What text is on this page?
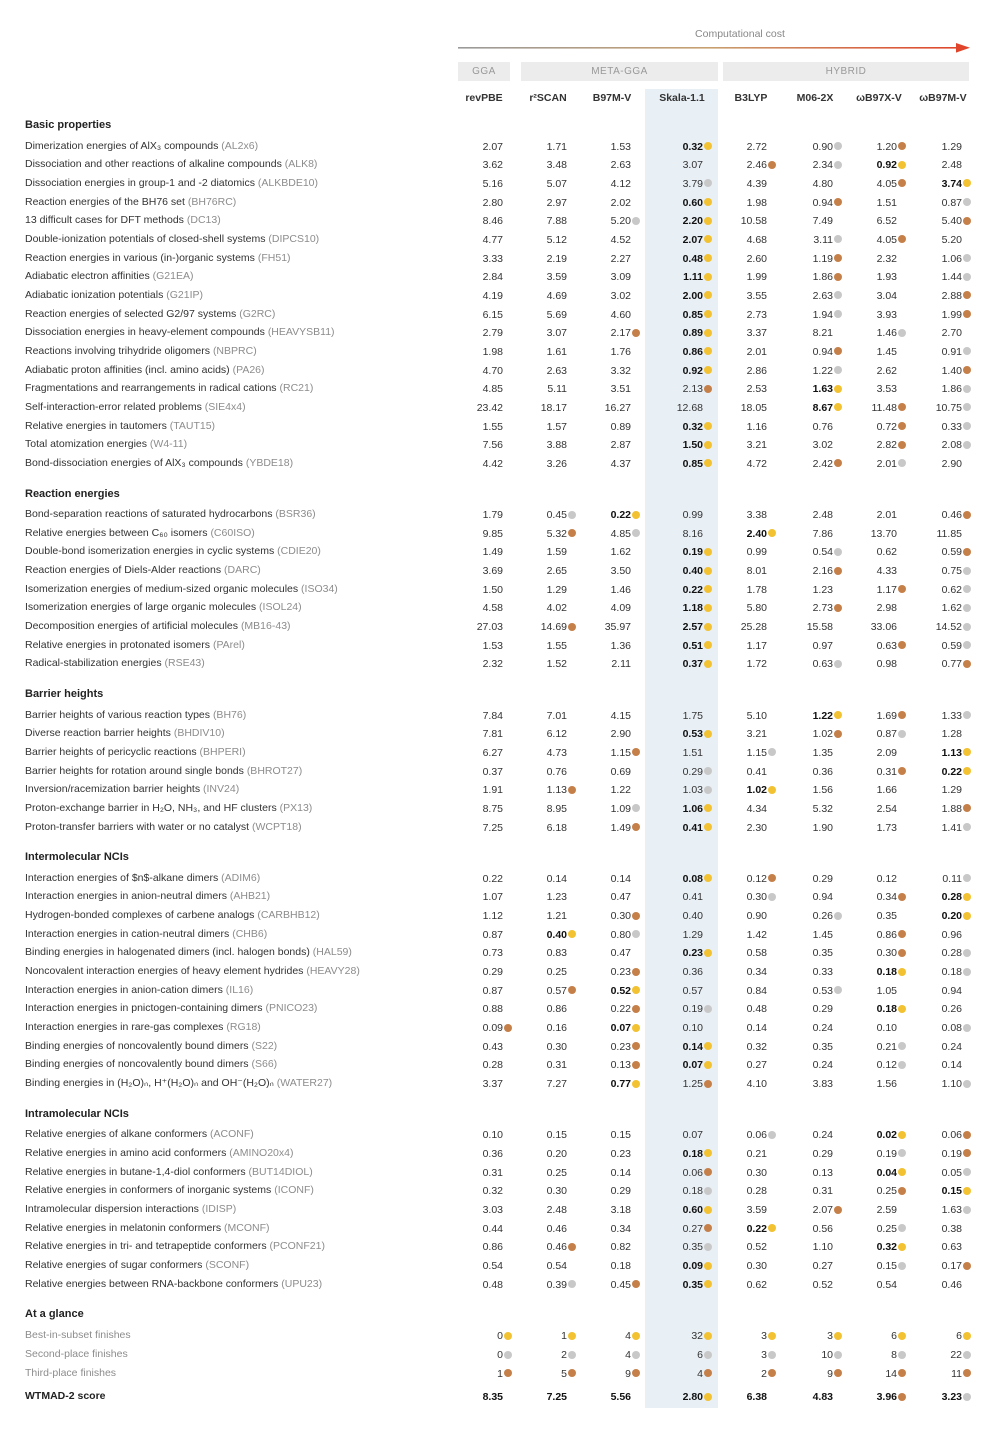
Computational cost
GGA	META-GGA	HYBRID
revPBE	r²SCAN	B97M-V	Skala-1.1	B3LYP	M06-2X	ωB97X-V	ωB97M-V
Basic properties
Dimerization energies of AlX₃ compounds (AL2x6)	2.07	1.71	1.53	0.32	2.72	0.90	1.20	1.29
Dissociation and other reactions of alkaline compounds (ALK8)	3.62	3.48	2.63	3.07	2.46	2.34	0.92	2.48
Dissociation energies in group-1 and -2 diatomics (ALKBDE10)	5.16	5.07	4.12	3.79	4.39	4.80	4.05	3.74
Reaction energies of the BH76 set (BH76RC)	2.80	2.97	2.02	0.60	1.98	0.94	1.51	0.87
13 difficult cases for DFT methods (DC13)	8.46	7.88	5.20	2.20	10.58	7.49	6.52	5.40
Double-ionization potentials of closed-shell systems (DIPCS10)	4.77	5.12	4.52	2.07	4.68	3.11	4.05	5.20
Reaction energies in various (in-)organic systems (FH51)	3.33	2.19	2.27	0.48	2.60	1.19	2.32	1.06
Adiabatic electron affinities (G21EA)	2.84	3.59	3.09	1.11	1.99	1.86	1.93	1.44
Adiabatic ionization potentials (G21IP)	4.19	4.69	3.02	2.00	3.55	2.63	3.04	2.88
Reaction energies of selected G2/97 systems (G2RC)	6.15	5.69	4.60	0.85	2.73	1.94	3.93	1.99
Dissociation energies in heavy-element compounds (HEAVYSB11)	2.79	3.07	2.17	0.89	3.37	8.21	1.46	2.70
Reactions involving trihydride oligomers (NBPRC)	1.98	1.61	1.76	0.86	2.01	0.94	1.45	0.91
Adiabatic proton affinities (incl. amino acids) (PA26)	4.70	2.63	3.32	0.92	2.86	1.22	2.62	1.40
Fragmentations and rearrangements in radical cations (RC21)	4.85	5.11	3.51	2.13	2.53	1.63	3.53	1.86
Self-interaction-error related problems (SIE4x4)	23.42	18.17	16.27	12.68	18.05	8.67	11.48	10.75
Relative energies in tautomers (TAUT15)	1.55	1.57	0.89	0.32	1.16	0.76	0.72	0.33
Total atomization energies (W4-11)	7.56	3.88	2.87	1.50	3.21	3.02	2.82	2.08
Bond-dissociation energies of AlX₃ compounds (YBDE18)	4.42	3.26	4.37	0.85	4.72	2.42	2.01	2.90
Reaction energies
Bond-separation reactions of saturated hydrocarbons (BSR36)	1.79	0.45	0.22	0.99	3.38	2.48	2.01	0.46
Relative energies between C₆₀ isomers (C60ISO)	9.85	5.32	4.85	8.16	2.40	7.86	13.70	11.85
Double-bond isomerization energies in cyclic systems (CDIE20)	1.49	1.59	1.62	0.19	0.99	0.54	0.62	0.59
Reaction energies of Diels-Alder reactions (DARC)	3.69	2.65	3.50	0.40	8.01	2.16	4.33	0.75
Isomerization energies of medium-sized organic molecules (ISO34)	1.50	1.29	1.46	0.22	1.78	1.23	1.17	0.62
Isomerization energies of large organic molecules (ISOL24)	4.58	4.02	4.09	1.18	5.80	2.73	2.98	1.62
Decomposition energies of artificial molecules (MB16-43)	27.03	14.69	35.97	2.57	25.28	15.58	33.06	14.52
Relative energies in protonated isomers (PArel)	1.53	1.55	1.36	0.51	1.17	0.97	0.63	0.59
Radical-stabilization energies (RSE43)	2.32	1.52	2.11	0.37	1.72	0.63	0.98	0.77
Barrier heights
Barrier heights of various reaction types (BH76)	7.84	7.01	4.15	1.75	5.10	1.22	1.69	1.33
Diverse reaction barrier heights (BHDIV10)	7.81	6.12	2.90	0.53	3.21	1.02	0.87	1.28
Barrier heights of pericyclic reactions (BHPERI)	6.27	4.73	1.15	1.51	1.15	1.35	2.09	1.13
Barrier heights for rotation around single bonds (BHROT27)	0.37	0.76	0.69	0.29	0.41	0.36	0.31	0.22
Inversion/racemization barrier heights (INV24)	1.91	1.13	1.22	1.03	1.02	1.56	1.66	1.29
Proton-exchange barrier in H₂O, NH₃, and HF clusters (PX13)	8.75	8.95	1.09	1.06	4.34	5.32	2.54	1.88
Proton-transfer barriers with water or no catalyst (WCPT18)	7.25	6.18	1.49	0.41	2.30	1.90	1.73	1.41
Intermolecular NCIs
Interaction energies of $n$-alkane dimers (ADIM6)	0.22	0.14	0.14	0.08	0.12	0.29	0.12	0.11
Interaction energies in anion-neutral dimers (AHB21)	1.07	1.23	0.47	0.41	0.30	0.94	0.34	0.28
Hydrogen-bonded complexes of carbene analogs (CARBHB12)	1.12	1.21	0.30	0.40	0.90	0.26	0.35	0.20
Interaction energies in cation-neutral dimers (CHB6)	0.87	0.40	0.80	1.29	1.42	1.45	0.86	0.96
Binding energies in halogenated dimers (incl. halogen bonds) (HAL59)	0.73	0.83	0.47	0.23	0.58	0.35	0.30	0.28
Noncovalent interaction energies of heavy element hydrides (HEAVY28)	0.29	0.25	0.23	0.36	0.34	0.33	0.18	0.18
Interaction energies in anion-cation dimers (IL16)	0.87	0.57	0.52	0.57	0.84	0.53	1.05	0.94
Interaction energies in pnictogen-containing dimers (PNICO23)	0.88	0.86	0.22	0.19	0.48	0.29	0.18	0.26
Interaction energies in rare-gas complexes (RG18)	0.09	0.16	0.07	0.10	0.14	0.24	0.10	0.08
Binding energies of noncovalently bound dimers (S22)	0.43	0.30	0.23	0.14	0.32	0.35	0.21	0.24
Binding energies of noncovalently bound dimers (S66)	0.28	0.31	0.13	0.07	0.27	0.24	0.12	0.14
Binding energies in (H₂O)ₙ, H⁺(H₂O)ₙ and OH⁻(H₂O)ₙ (WATER27)	3.37	7.27	0.77	1.25	4.10	3.83	1.56	1.10
Intramolecular NCIs
Relative energies of alkane conformers (ACONF)	0.10	0.15	0.15	0.07	0.06	0.24	0.02	0.06
Relative energies in amino acid conformers (AMINO20x4)	0.36	0.20	0.23	0.18	0.21	0.29	0.19	0.19
Relative energies in butane-1,4-diol conformers (BUT14DIOL)	0.31	0.25	0.14	0.06	0.30	0.13	0.04	0.05
Relative energies in conformers of inorganic systems (ICONF)	0.32	0.30	0.29	0.18	0.28	0.31	0.25	0.15
Intramolecular dispersion interactions (IDISP)	3.03	2.48	3.18	0.60	3.59	2.07	2.59	1.63
Relative energies in melatonin conformers (MCONF)	0.44	0.46	0.34	0.27	0.22	0.56	0.25	0.38
Relative energies in tri- and tetrapeptide conformers (PCONF21)	0.86	0.46	0.82	0.35	0.52	1.10	0.32	0.63
Relative energies of sugar conformers (SCONF)	0.54	0.54	0.18	0.09	0.30	0.27	0.15	0.17
Relative energies between RNA-backbone conformers (UPU23)	0.48	0.39	0.45	0.35	0.62	0.52	0.54	0.46
At a glance
Best-in-subset finishes	0	1	4	32	3	3	6	6
Second-place finishes	0	2	4	6	3	10	8	22
Third-place finishes	1	5	9	4	2	9	14	11
WTMAD-2 score	8.35	7.25	5.56	2.80	6.38	4.83	3.96	3.23
